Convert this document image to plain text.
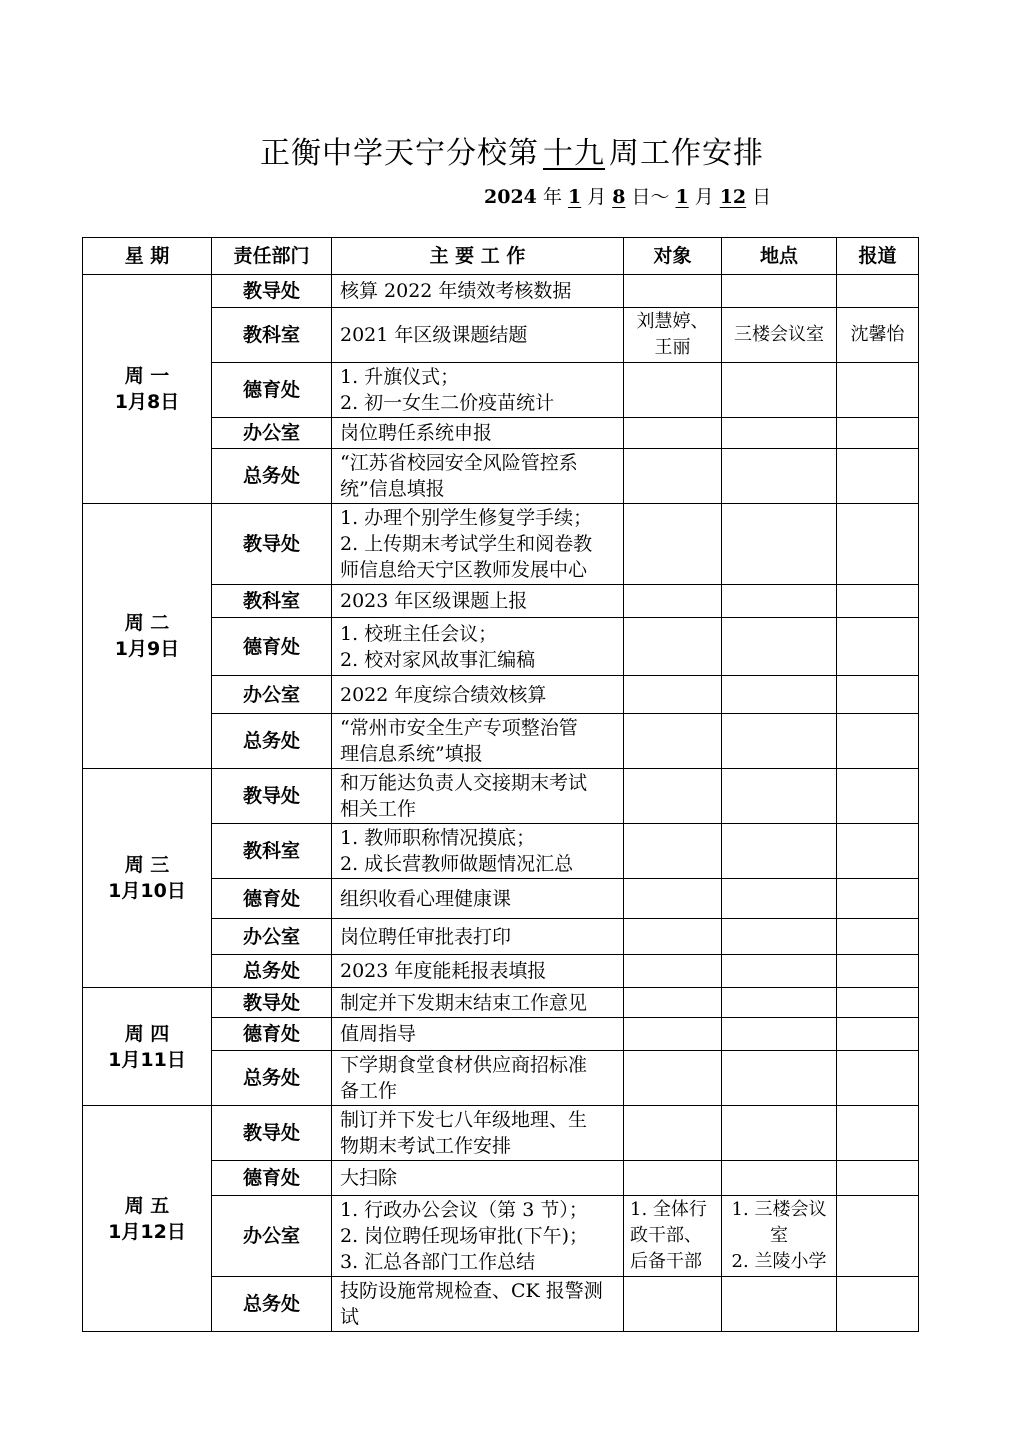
正衡中学天宁分校第 十九 周工作安排
2024 年 1 月 8 日～ 1 月 12 日
星 期	责任部门	主 要 工 作	对象	地点	报道

周 一
1月8日	教导处	核算 2022 年绩效考核数据			

	教科室	2021 年区级课题结题	刘慧婷、
王丽	三楼会议室	沈馨怡
	德育处	1. 升旗仪式；
2. 初一女生二价疫苗统计			

	办公室	岗位聘任系统申报			

	总务处	“江苏省校园安全风险管控系
统”信息填报			

周 二
1月9日	教导处	1. 办理个别学生修复学手续；
2. 上传期末考试学生和阅卷教
师信息给天宁区教师发展中心			

	教科室	2023 年区级课题上报			

	德育处	1. 校班主任会议；
2. 校对家风故事汇编稿			

	办公室	2022 年度综合绩效核算			

	总务处	“常州市安全生产专项整治管
理信息系统”填报			

周 三
1月10日	教导处	和万能达负责人交接期末考试
相关工作			

	教科室	1. 教师职称情况摸底；
2. 成长营教师做题情况汇总			

	德育处	组织收看心理健康课			

	办公室	岗位聘任审批表打印			

	总务处	2023 年度能耗报表填报			

周 四
1月11日	教导处	制定并下发期末结束工作意见			

	德育处	值周指导			

	总务处	下学期食堂食材供应商招标准
备工作			

周 五
1月12日	教导处	制订并下发七八年级地理、生
物期末考试工作安排			

	德育处	大扫除			

	办公室	1. 行政办公会议（第 3 节）；
2. 岗位聘任现场审批(下午)；
3. 汇总各部门工作总结	1. 全体行
政干部、
后备干部	1. 三楼会议
室
2. 兰陵小学	

	总务处	技防设施常规检查、CK 报警测
试			
